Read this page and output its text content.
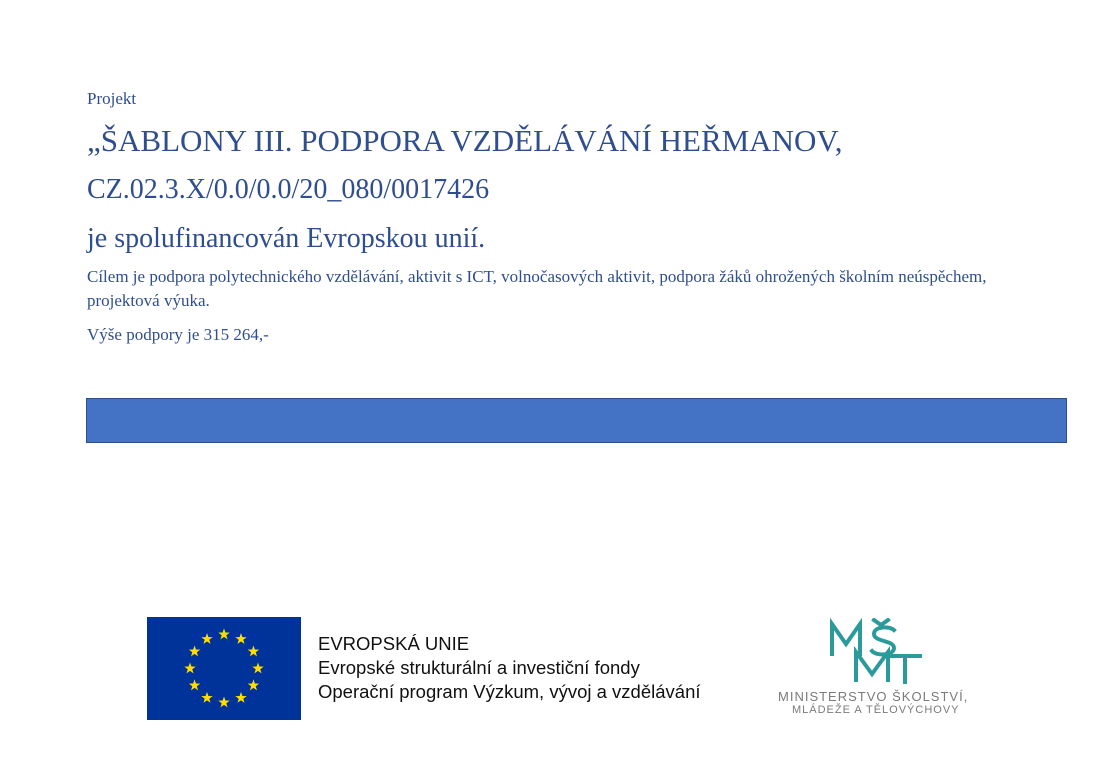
Projekt
„ŠABLONY III. PODPORA VZDĚLÁVÁNÍ HEŘMANOV,
CZ.02.3.X/0.0/0.0/20_080/0017426
je spolufinancován Evropskou unií.
Cílem je podpora polytechnického vzdělávání, aktivit s ICT, volnočasových aktivit, podpora žáků ohrožených školním neúspěchem, projektová výuka.
Výše podpory je 315 264,-
EVROPSKÁ UNIE
Evropské strukturální a investiční fondy
Operační program Výzkum, vývoj a vzdělávání	MINISTERSTVO ŠKOLSTVÍ,
MLÁDEŽE A TĚLOVÝCHOVY
